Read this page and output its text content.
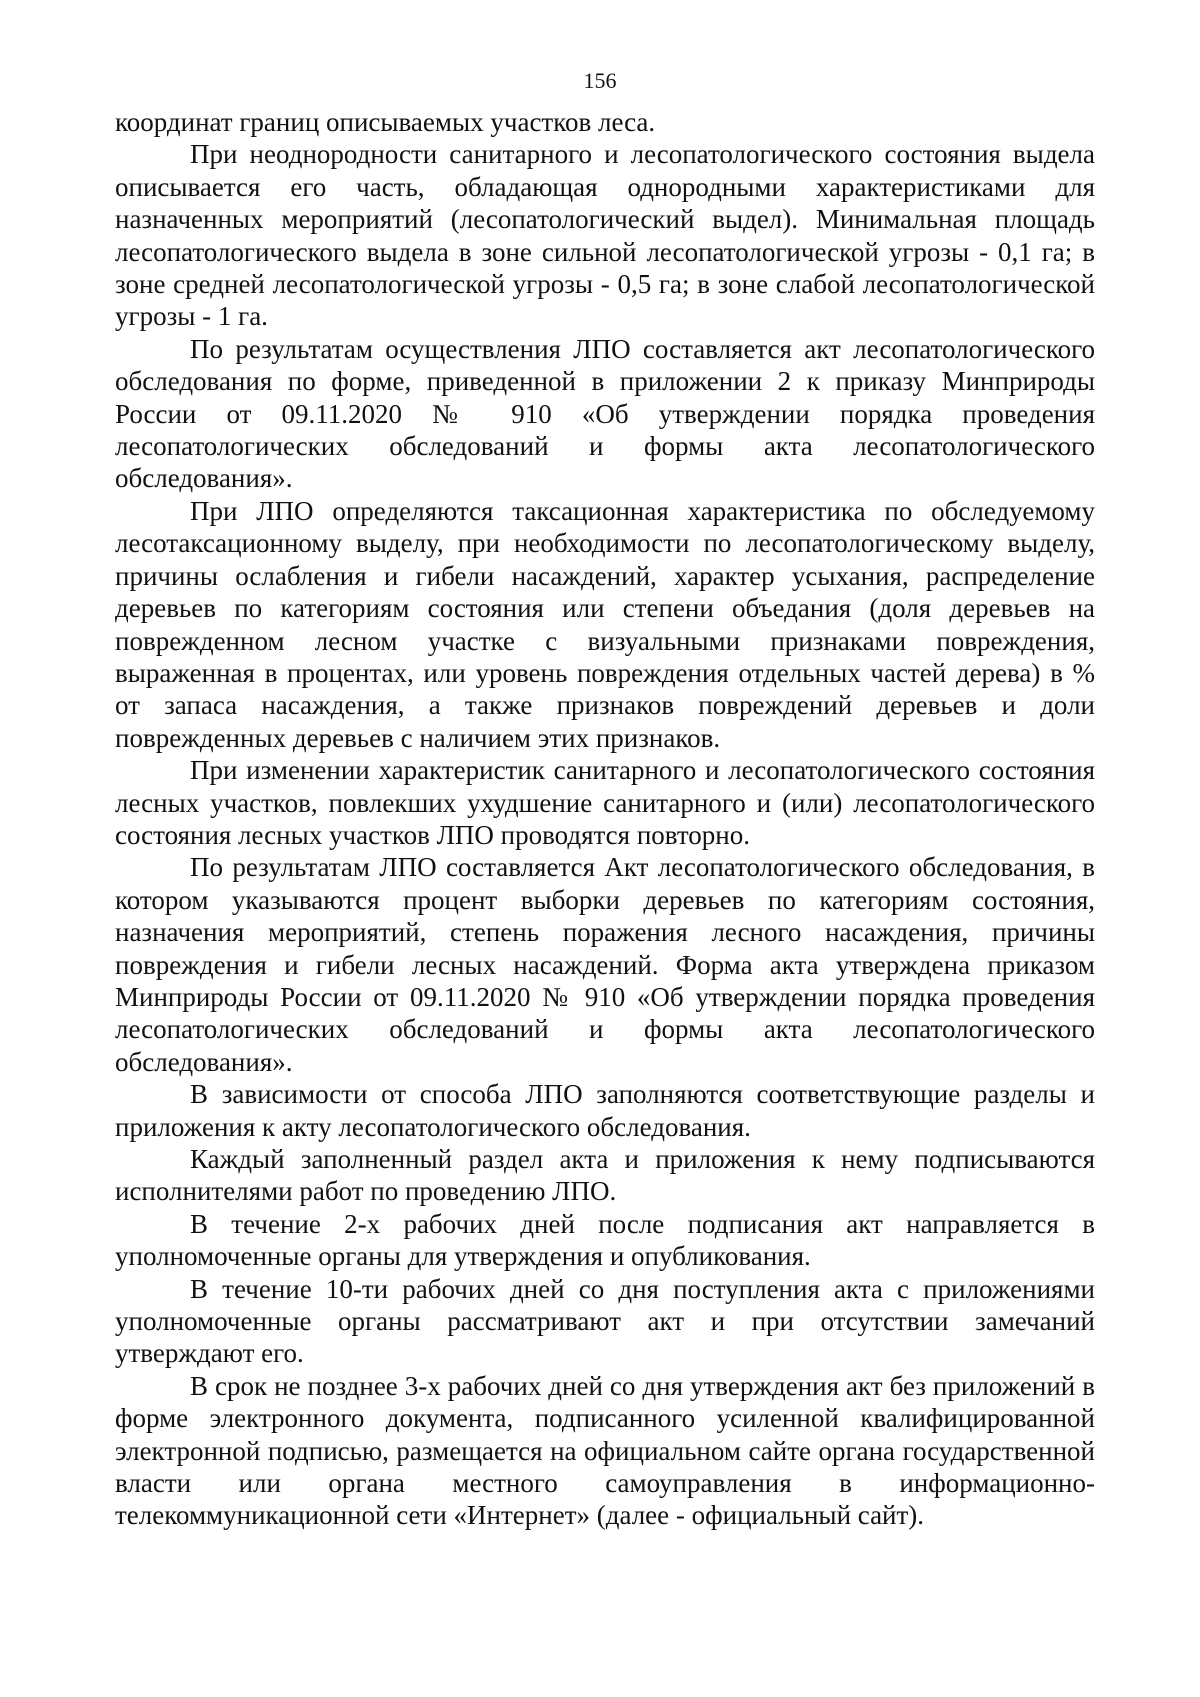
156

координат границ описываемых участков леса.

При неоднородности санитарного и лесопатологического состояния выдела описывается его часть, обладающая однородными характеристиками для назначенных мероприятий (лесопатологический выдел). Минимальная площадь лесопатологического выдела в зоне сильной лесопатологической угрозы - 0,1 га; в зоне средней лесопатологической угрозы - 0,5 га; в зоне слабой лесопатологической угрозы - 1 га.

По результатам осуществления ЛПО составляется акт лесопатологического обследования по форме, приведенной в приложении 2 к приказу Минприроды России от 09.11.2020 № 910 «Об утверждении порядка проведения лесопатологических обследований и формы акта лесопатологического обследования».

При ЛПО определяются таксационная характеристика по обследуемому лесотаксационному выделу, при необходимости по лесопатологическому выделу, причины ослабления и гибели насаждений, характер усыхания, распределение деревьев по категориям состояния или степени объедания (доля деревьев на поврежденном лесном участке с визуальными признаками повреждения, выраженная в процентах, или уровень повреждения отдельных частей дерева) в % от запаса насаждения, а также признаков повреждений деревьев и доли поврежденных деревьев с наличием этих признаков.

При изменении характеристик санитарного и лесопатологического состояния лесных участков, повлекших ухудшение санитарного и (или) лесопатологического состояния лесных участков ЛПО проводятся повторно.

По результатам ЛПО составляется Акт лесопатологического обследования, в котором указываются процент выборки деревьев по категориям состояния, назначения мероприятий, степень поражения лесного насаждения, причины повреждения и гибели лесных насаждений. Форма акта утверждена приказом Минприроды России от 09.11.2020 № 910 «Об утверждении порядка проведения лесопатологических обследований и формы акта лесопатологического обследования».

В зависимости от способа ЛПО заполняются соответствующие разделы и приложения к акту лесопатологического обследования.

Каждый заполненный раздел акта и приложения к нему подписываются исполнителями работ по проведению ЛПО.

В течение 2-х рабочих дней после подписания акт направляется в уполномоченные органы для утверждения и опубликования.

В течение 10-ти рабочих дней со дня поступления акта с приложениями уполномоченные органы рассматривают акт и при отсутствии замечаний утверждают его.

В срок не позднее 3-х рабочих дней со дня утверждения акт без приложений в форме электронного документа, подписанного усиленной квалифицированной электронной подписью, размещается на официальном сайте органа государственной власти или органа местного самоуправления в информационно-телекоммуникационной сети «Интернет» (далее - официальный сайт).
